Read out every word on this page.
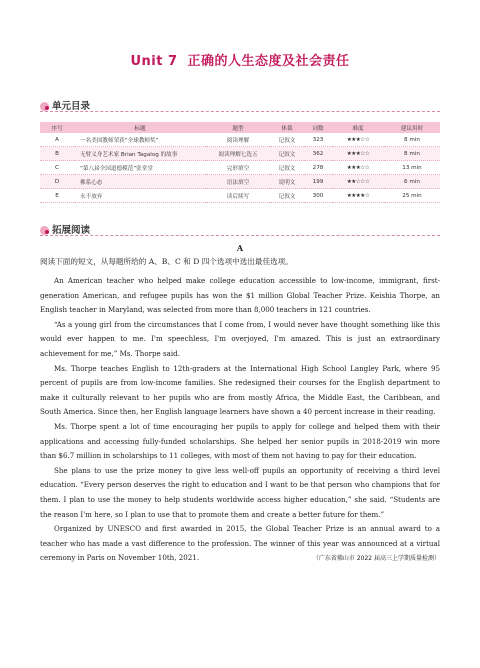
Unit 7 正确的人生态度及社会责任
单元目录
序号	标题	题型	体裁	词数	难度	建议用时
A	一名美国教师荣获“全球教师奖”	阅读理解	记叙文	323	★★★☆☆	8 min
B	无臂义身艺术家 Brian Tagalog 的故事	阅读理解七选五	记叙文	362	★★★☆☆	8 min
C	“第八届全国道德模范”张堂堂	完形填空	记叙文	278	★★★☆☆	13 min
D	佛系心态	语法填空	说明文	199	★★☆☆☆	6 min
E	永不放弃	读后续写	记叙文	300	★★★★☆	25 min
拓展阅读
A
阅读下面的短文，从每题所给的 A、B、C 和 D 四个选项中选出最佳选项。

An American teacher who helped make college education accessible to low-income, immigrant, first-generation American, and refugee pupils has won the $1 million Global Teacher Prize. Keishia Thorpe, an English teacher in Maryland, was selected from more than 8,000 teachers in 121 countries.

“As a young girl from the circumstances that I come from, I would never have thought something like this would ever happen to me. I'm speechless, I'm overjoyed, I'm amazed. This is just an extraordinary achievement for me,” Ms. Thorpe said.

Ms. Thorpe teaches English to 12th-graders at the International High School Langley Park, where 95 percent of pupils are from low-income families. She redesigned their courses for the English department to make it culturally relevant to her pupils who are from mostly Africa, the Middle East, the Caribbean, and South America. Since then, her English language learners have shown a 40 percent increase in their reading.

Ms. Thorpe spent a lot of time encouraging her pupils to apply for college and helped them with their applications and accessing fully-funded scholarships. She helped her senior pupils in 2018-2019 win more than $6.7 million in scholarships to 11 colleges, with most of them not having to pay for their education.

She plans to use the prize money to give less well-off pupils an opportunity of receiving a third level education. “Every person deserves the right to education and I want to be that person who champions that for them. I plan to use the money to help students worldwide access higher education,” she said. “Students are the reason I'm here, so I plan to use that to promote them and create a better future for them.”

Organized by UNESCO and first awarded in 2015, the Global Teacher Prize is an annual award to a teacher who has made a vast difference to the profession. The winner of this year was announced at a virtual ceremony in Paris on November 10th, 2021.	（广东省佛山市 2022 届高三上学期质量检测）
